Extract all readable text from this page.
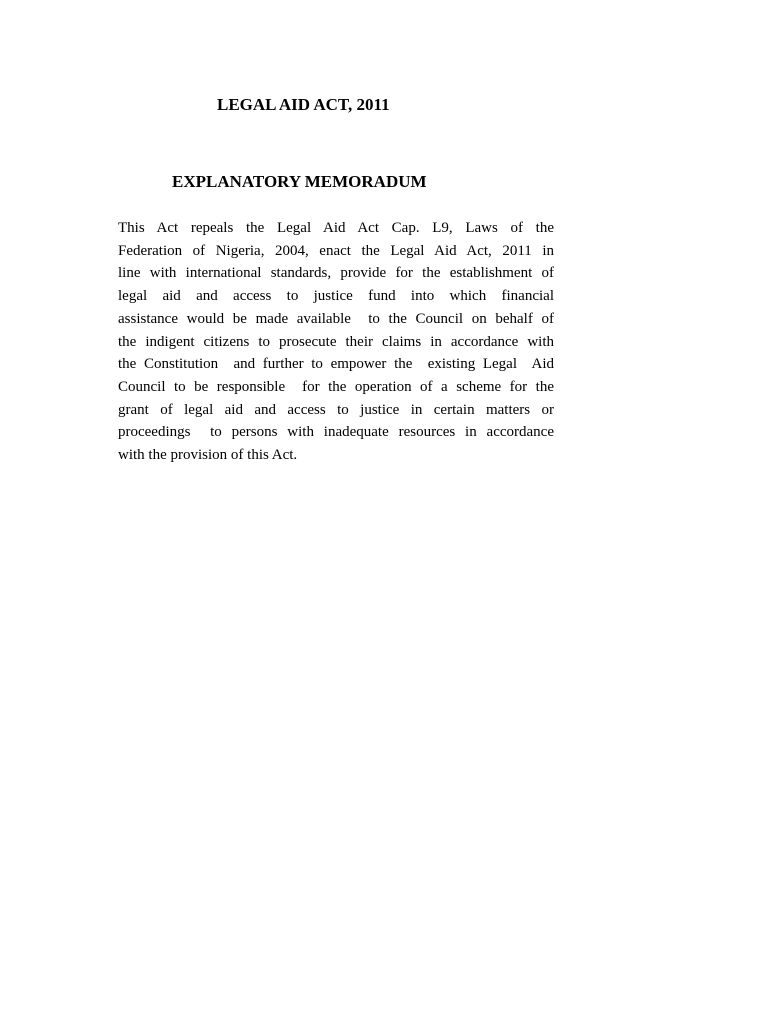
LEGAL AID ACT, 2011
EXPLANATORY MEMORADUM
This Act repeals the Legal Aid Act Cap. L9, Laws of the
Federation of Nigeria, 2004, enact the Legal Aid Act, 2011 in
line with international standards, provide for the establishment of
legal aid and access to justice fund into which financial
assistance would be made available  to the Council on behalf of
the indigent citizens to prosecute their claims in accordance with
the Constitution  and further to empower the  existing Legal  Aid
Council to be responsible  for the operation of a scheme for the
grant of legal aid and access to justice in certain matters or
proceedings  to persons with inadequate resources in accordance
with the provision of this Act.
